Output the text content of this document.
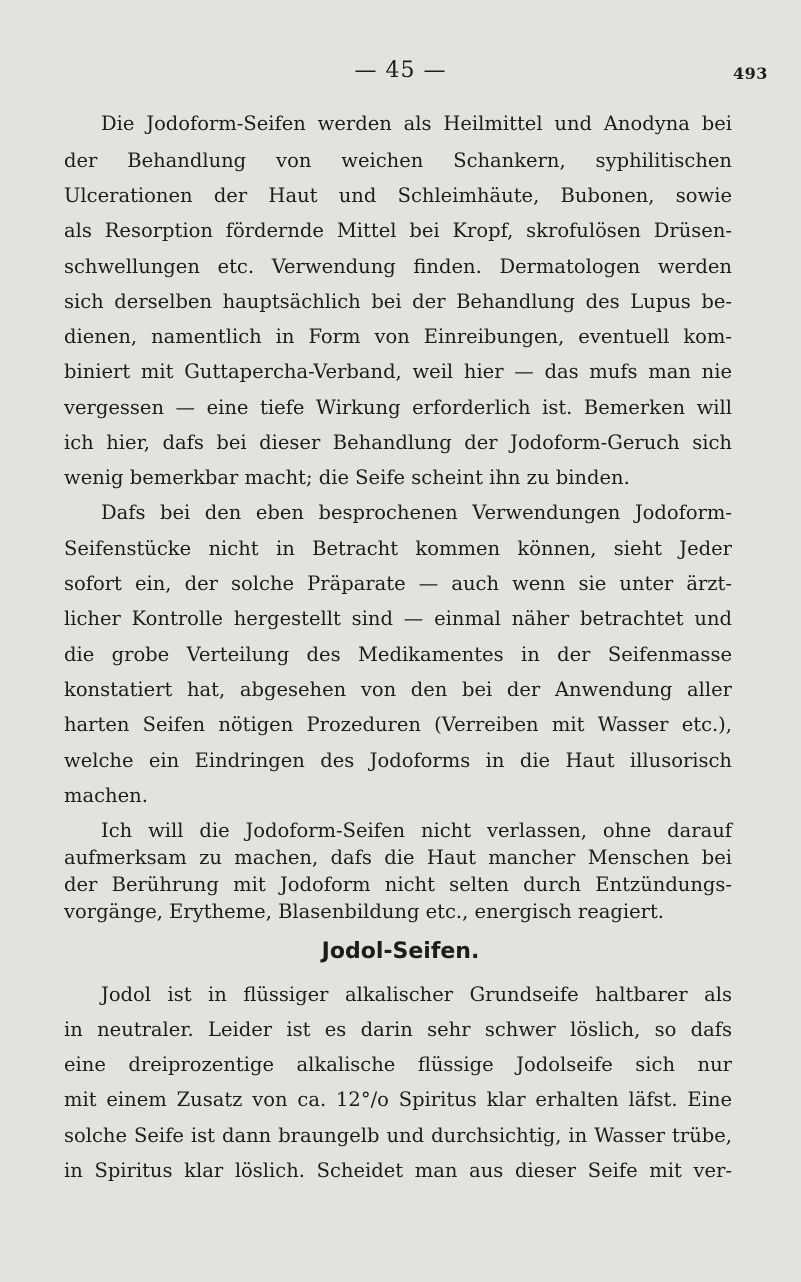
— 45 —	493
Die Jodoform-Seifen werden als Heilmittel und Anodyna bei
der Behandlung von weichen Schankern, syphilitischen
Ulcerationen der Haut und Schleimhäute, Bubonen, sowie
als Resorption fördernde Mittel bei Kropf, skrofulösen Drüsen-
schwellungen etc. Verwendung finden. Dermatologen werden
sich derselben hauptsächlich bei der Behandlung des Lupus be-
dienen, namentlich in Form von Einreibungen, eventuell kom-
biniert mit Guttapercha-Verband, weil hier — das mufs man nie
vergessen — eine tiefe Wirkung erforderlich ist. Bemerken will
ich hier, dafs bei dieser Behandlung der Jodoform-Geruch sich
wenig bemerkbar macht; die Seife scheint ihn zu binden.
Dafs bei den eben besprochenen Verwendungen Jodoform-
Seifenstücke nicht in Betracht kommen können, sieht Jeder
sofort ein, der solche Präparate — auch wenn sie unter ärzt-
licher Kontrolle hergestellt sind — einmal näher betrachtet und
die grobe Verteilung des Medikamentes in der Seifenmasse
konstatiert hat, abgesehen von den bei der Anwendung aller
harten Seifen nötigen Prozeduren (Verreiben mit Wasser etc.),
welche ein Eindringen des Jodoforms in die Haut illusorisch
machen.
Ich will die Jodoform-Seifen nicht verlassen, ohne darauf
aufmerksam zu machen, dafs die Haut mancher Menschen bei
der Berührung mit Jodoform nicht selten durch Entzündungs-
vorgänge, Erytheme, Blasenbildung etc., energisch reagiert.
Jodol-Seifen.
Jodol ist in flüssiger alkalischer Grundseife haltbarer als
in neutraler. Leider ist es darin sehr schwer löslich, so dafs
eine dreiprozentige alkalische flüssige Jodolseife sich nur
mit einem Zusatz von ca. 12°/o Spiritus klar erhalten läfst. Eine
solche Seife ist dann braungelb und durchsichtig, in Wasser trübe,
in Spiritus klar löslich. Scheidet man aus dieser Seife mit ver-
